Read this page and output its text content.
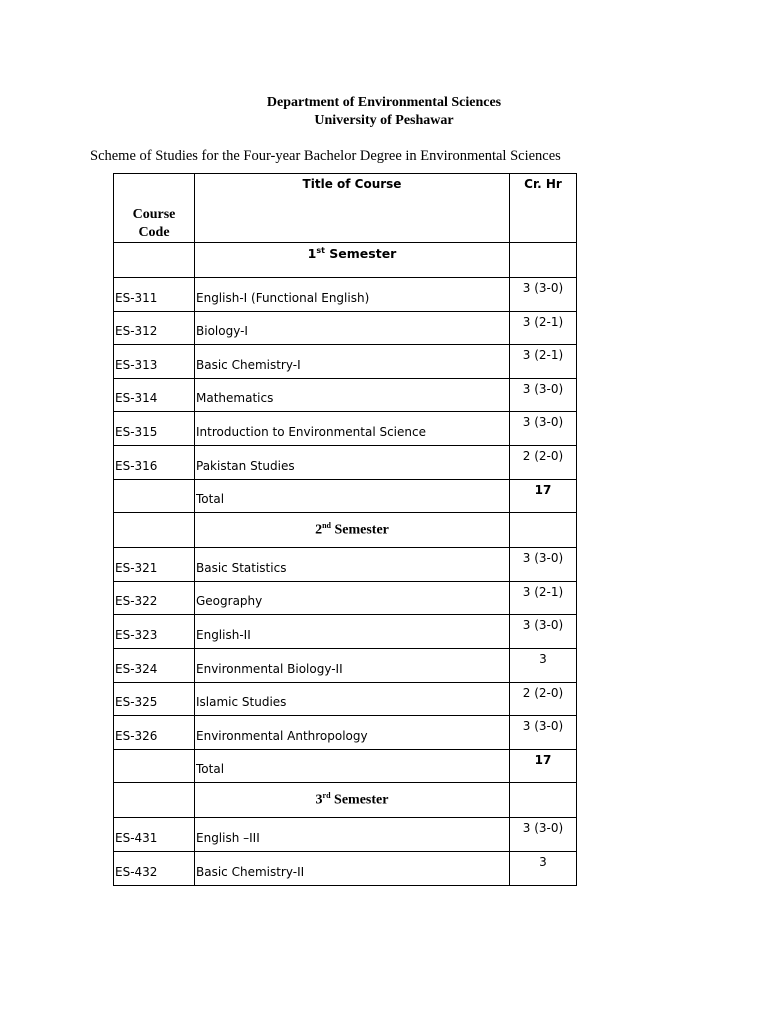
Department of Environmental Sciences
University of Peshawar
Scheme of Studies for the Four-year Bachelor Degree in Environmental Sciences
Course
Code	Title of Course	Cr. Hr
	1st Semester	
ES-311	English-I (Functional English)	3 (3-0)
ES-312	Biology-I	3 (2-1)
ES-313	Basic Chemistry-I	3 (2-1)
ES-314	Mathematics	3 (3-0)
ES-315	Introduction to Environmental Science	3 (3-0)
ES-316	Pakistan Studies	2 (2-0)
	Total	17
	2nd Semester	
ES-321	Basic Statistics	3 (3-0)
ES-322	Geography	3 (2-1)
ES-323	English-II	3 (3-0)
ES-324	Environmental Biology-II	3
ES-325	Islamic Studies	2 (2-0)
ES-326	Environmental Anthropology	3 (3-0)
	Total	17
	3rd Semester	
ES-431	English –III	3 (3-0)
ES-432	Basic Chemistry-II	3
